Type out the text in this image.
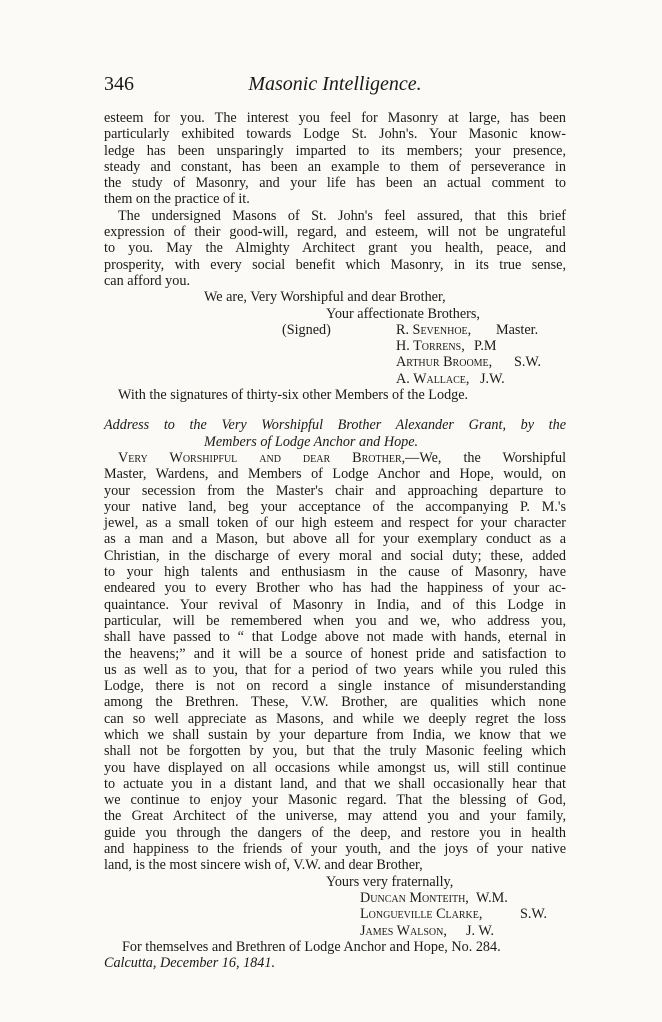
346	Masonic Intelligence.
esteem for you. The interest you feel for Masonry at large, has been
particularly exhibited towards Lodge St. John's. Your Masonic know-
ledge has been unsparingly imparted to its members; your presence,
steady and constant, has been an example to them of perseverance in
the study of Masonry, and your life has been an actual comment to
them on the practice of it.
The undersigned Masons of St. John's feel assured, that this brief
expression of their good-will, regard, and esteem, will not be ungrateful
to you. May the Almighty Architect grant you health, peace, and
prosperity, with every social benefit which Masonry, in its true sense,
can afford you.
We are, Very Worshipful and dear Brother,
Your affectionate Brothers,
(Signed)	R. Sevenhoe, Master.
H. Torrens, P.M
Arthur Broome, S.W.
A. Wallace, J.W.
With the signatures of thirty-six other Members of the Lodge.
Address to the Very Worshipful Brother Alexander Grant, by the
Members of Lodge Anchor and Hope.
Very Worshipful and dear Brother,—We, the Worshipful
Master, Wardens, and Members of Lodge Anchor and Hope, would, on
your secession from the Master's chair and approaching departure to
your native land, beg your acceptance of the accompanying P. M.'s
jewel, as a small token of our high esteem and respect for your character
as a man and a Mason, but above all for your exemplary conduct as a
Christian, in the discharge of every moral and social duty; these, added
to your high talents and enthusiasm in the cause of Masonry, have
endeared you to every Brother who has had the happiness of your ac-
quaintance. Your revival of Masonry in India, and of this Lodge in
particular, will be remembered when you and we, who address you,
shall have passed to “ that Lodge above not made with hands, eternal in
the heavens;” and it will be a source of honest pride and satisfaction to
us as well as to you, that for a period of two years while you ruled this
Lodge, there is not on record a single instance of misunderstanding
among the Brethren. These, V.W. Brother, are qualities which none
can so well appreciate as Masons, and while we deeply regret the loss
which we shall sustain by your departure from India, we know that we
shall not be forgotten by you, but that the truly Masonic feeling which
you have displayed on all occasions while amongst us, will still continue
to actuate you in a distant land, and that we shall occasionally hear that
we continue to enjoy your Masonic regard. That the blessing of God,
the Great Architect of the universe, may attend you and your family,
guide you through the dangers of the deep, and restore you in health
and happiness to the friends of your youth, and the joys of your native
land, is the most sincere wish of, V.W. and dear Brother,
Yours very fraternally,
Duncan Monteith, W.M.
Longueville Clarke,	S.W.
James Walson, J. W.
For themselves and Brethren of Lodge Anchor and Hope, No. 284.
Calcutta, December 16, 1841.
